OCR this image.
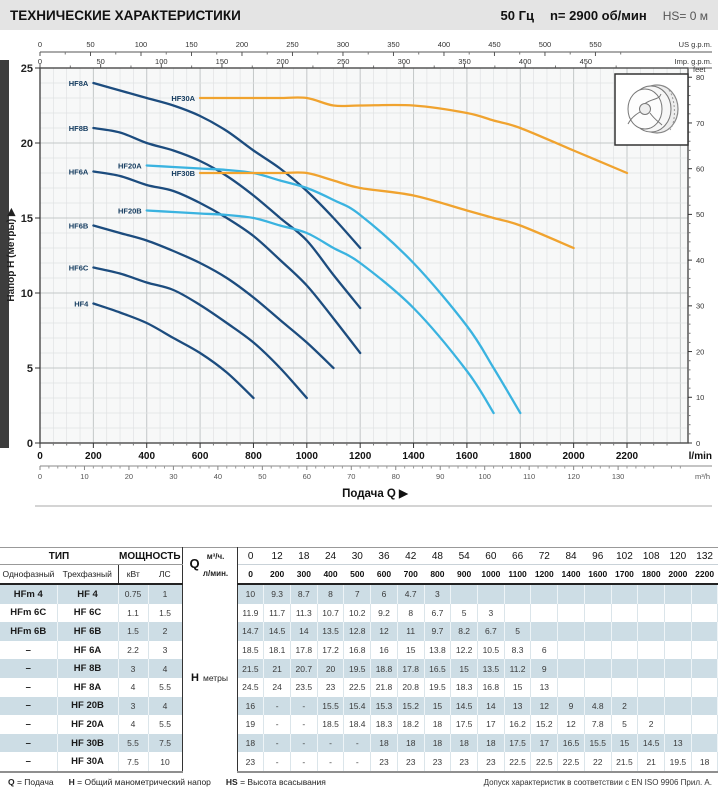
ТЕХНИЧЕСКИЕ ХАРАКТЕРИСТИКИ	50 Гц n= 2900 об/мин HS= 0 м
0	50	100	150	200	250	300	350	400	450	500	550	US g.p.m.
0	50	100	150	200	250	300	350	400	450	Imp. g.p.m.
0
5
10
15
20
25
Напор H (метры) ▶
0
10
20
30
40
50
60
70
80
feet
0	200	400	600	800	1000	1200	1400	1600	1800	2000	2200	l/min
0	10	20	30	40	50	60	70	80	90	100	110	120	130	m³/h
Подача Q ▶
HF8A
HF8B
HF6A
HF6B
HF6C
HF4
HF20A
HF20B
HF30A
HF30B
ТИП		МОЩНОСТЬ		Q м³/ч.
л/мин.	0	12	18	24	30	36	42	48	54	60	66	72	84	96	102	108	120	132
Однофазный	Трехфазный	кВт	ЛС		0	200	300	400	500	600	700	800	900	1000	1100	1200	1400	1600	1700	1800	2000	2200
HFm 4	HF 4	0.75	1	H метры	10	9.3	8.7	8	7	6	4.7	3										
HFm 6C	HF 6C	1.1	1.5		11.9	11.7	11.3	10.7	10.2	9.2	8	6.7	5	3								
HFm 6B	HF 6B	1.5	2		14.7	14.5	14	13.5	12.8	12	11	9.7	8.2	6.7	5							
–	HF 6A	2.2	3		18.5	18.1	17.8	17.2	16.8	16	15	13.8	12.2	10.5	8.3	6						
–	HF 8B	3	4		21.5	21	20.7	20	19.5	18.8	17.8	16.5	15	13.5	11.2	9						
–	HF 8A	4	5.5		24.5	24	23.5	23	22.5	21.8	20.8	19.5	18.3	16.8	15	13						
–	HF 20B	3	4		16	-	-	15.5	15.4	15.3	15.2	15	14.5	14	13	12	9	4.8	2			
–	HF 20A	4	5.5		19	-	-	18.5	18.4	18.3	18.2	18	17.5	17	16.2	15.2	12	7.8	5	2		
–	HF 30B	5.5	7.5		18	-	-	-	-	18	18	18	18	18	17.5	17	16.5	15.5	15	14.5	13	
–	HF 30A	7.5	10		23	-	-	-	-	23	23	23	23	23	22.5	22.5	22.5	22	21.5	21	19.5	18
Q = Подача H = Общий манометрический напор HS = Высота всасывания	Допуск характеристик в соответствии с EN ISO 9906 Прил. А.
